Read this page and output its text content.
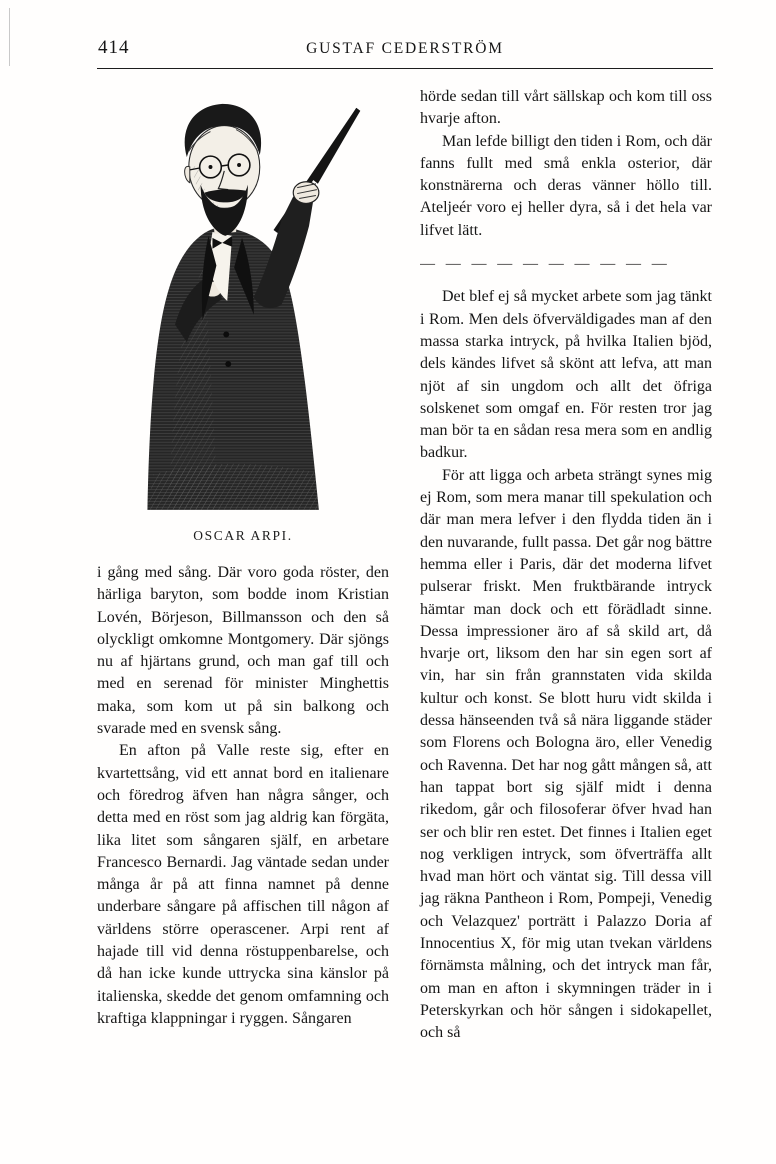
414	GUSTAF CEDERSTRÖM
OSCAR ARPI.

i gång med sång. Där voro goda röster, den härliga baryton, som bodde inom Kristian Lovén, Börjeson, Billmansson och den så olyckligt omkomne Montgomery. Där sjöngs nu af hjärtans grund, och man gaf till och med en serenad för minister Minghettis maka, som kom ut på sin balkong och svarade med en svensk sång.

En afton på Valle reste sig, efter en kvartettsång, vid ett annat bord en italienare och föredrog äfven han några sånger, och detta med en röst som jag aldrig kan förgäta, lika litet som sångaren själf, en arbetare Francesco Bernardi. Jag väntade sedan under många år på att finna namnet på denne underbare sångare på affischen till någon af världens större operascener. Arpi rent af hajade till vid denna röstuppenbarelse, och då han icke kunde uttrycka sina känslor på italienska, skedde det genom omfamning och kraftiga klappningar i ryggen. Sångaren

hörde sedan till vårt sällskap och kom till oss hvarje afton.

Man lefde billigt den tiden i Rom, och där fanns fullt med små enkla osterior, där konstnärerna och deras vänner höllo till. Ateljeér voro ej heller dyra, så i det hela var lifvet lätt.

— — — — — — — — — —

Det blef ej så mycket arbete som jag tänkt i Rom. Men dels öfverväldigades man af den massa starka intryck, på hvilka Italien bjöd, dels kändes lifvet så skönt att lefva, att man njöt af sin ungdom och allt det öfriga solskenet som omgaf en. För resten tror jag man bör ta en sådan resa mera som en andlig badkur.

För att ligga och arbeta strängt synes mig ej Rom, som mera manar till spekulation och där man mera lefver i den flydda tiden än i den nuvarande, fullt passa. Det går nog bättre hemma eller i Paris, där det moderna lifvet pulserar friskt. Men fruktbärande intryck hämtar man dock och ett förädladt sinne. Dessa impressioner äro af så skild art, då hvarje ort, liksom den har sin egen sort af vin, har sin från grannstaten vida skilda kultur och konst. Se blott huru vidt skilda i dessa hänseenden två så nära liggande städer som Florens och Bologna äro, eller Venedig och Ravenna. Det har nog gått mången så, att han tappat bort sig själf midt i denna rikedom, går och filosoferar öfver hvad han ser och blir ren estet. Det finnes i Italien eget nog verkligen intryck, som öfverträffa allt hvad man hört och väntat sig. Till dessa vill jag räkna Pantheon i Rom, Pompeji, Venedig och Velazquez' porträtt i Palazzo Doria af Innocentius X, för mig utan tvekan världens förnämsta målning, och det intryck man får, om man en afton i skymningen träder in i Peterskyrkan och hör sången i sidokapellet, och så
